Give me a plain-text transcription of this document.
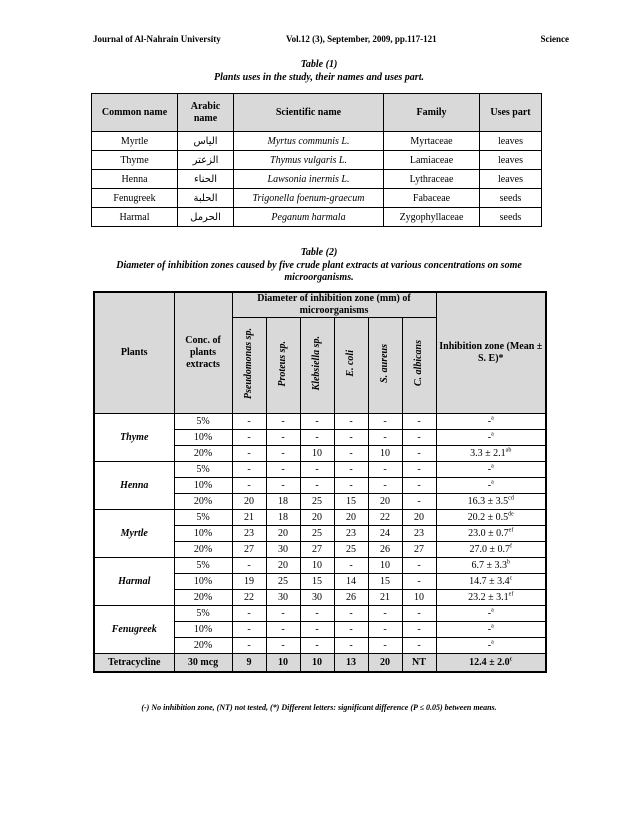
Journal of Al-Nahrain University	Vol.12 (3), September, 2009, pp.117-121	Science
Table (1)
Plants uses in the study, their names and uses part.
Common name	Arabic name	Scientific name	Family	Uses part
Myrtle	الياس	Myrtus communis L.	Myrtaceae	leaves
Thyme	الزعتر	Thymus vulgaris L.	Lamiaceae	leaves
Henna	الحناء	Lawsonia inermis L.	Lythraceae	leaves
Fenugreek	الحلبة	Trigonella foenum-graecum	Fabaceae	seeds
Harmal	الحرمل	Peganum harmala	Zygophyllaceae	seeds
Table (2)
Diameter of inhibition zones caused by five crude plant extracts at various concentrations on some microorganisms.
Plants	Conc. of plants extracts	Diameter of inhibition zone (mm) of microorganisms						Inhibition zone (Mean ± S. E)*
		Pseudomonas sp.	Proteus sp.	Klebsiella sp.	E. coli	S. aureus	C. albicans	
Thyme	5%	-	-	-	-	-	-	-$^a$
	10%	-	-	-	-	-	-	-$^a$
	20%	-	-	10	-	10	-	3.3 ± 2.1$^{ab}$
Henna	5%	-	-	-	-	-	-	-$^a$
	10%	-	-	-	-	-	-	-$^a$
	20%	20	18	25	15	20	-	16.3 ± 3.5$^{cd}$
Myrtle	5%	21	18	20	20	22	20	20.2 ± 0.5de
	10%	23	20	25	23	24	23	23.0 ± 0.7$^{ef}$
	20%	27	30	27	25	26	27	27.0 ± 0.7$^f$
Harmal	5%	-	20	10	-	10	-	6.7 ± 3.3$^b$
	10%	19	25	15	14	15	-	14.7 ± 3.4$^c$
	20%	22	30	30	26	21	10	23.2 ± 3.1$^{ef}$
Fenugreek	5%	-	-	-	-	-	-	-$^a$
	10%	-	-	-	-	-	-	-$^a$
	20%	-	-	-	-	-	-	-$^a$
Tetracycline	30 mcg	9	10	10	13	20	NT	12.4 ± 2.0$^c$
(-) No inhibition zone, (NT) not tested, (*) Different letters: significant difference (P ≤ 0.05) between means.
